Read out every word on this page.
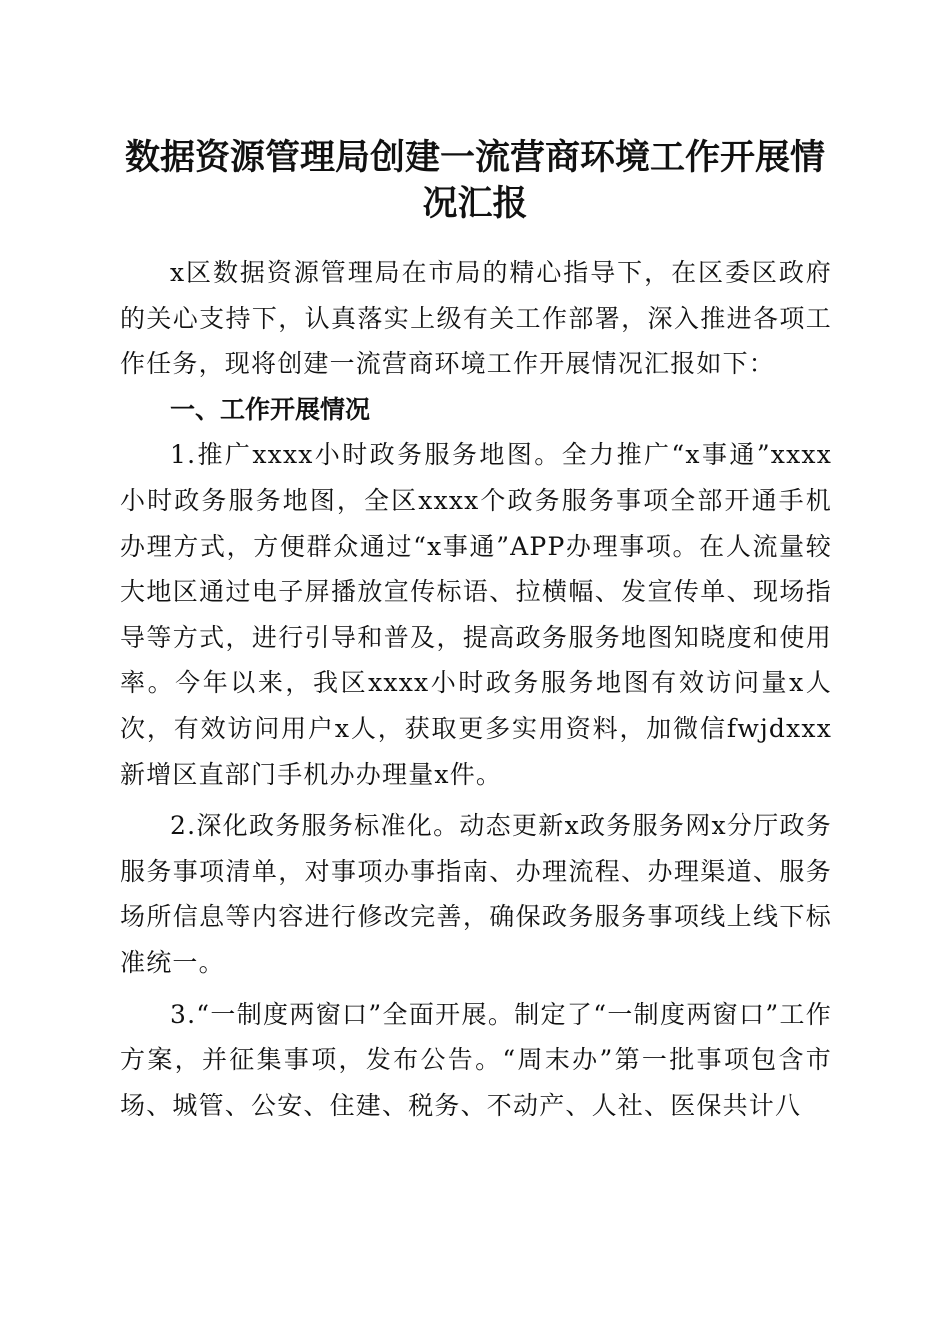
数据资源管理局创建一流营商环境工作开展情
况汇报

x区数据资源管理局在市局的精心指导下，在区委区政府的关心支持下，认真落实上级有关工作部署，深入推进各项工作任务，现将创建一流营商环境工作开展情况汇报如下：

一、工作开展情况

1.推广xxxx小时政务服务地图。全力推广“x事通”xxxx小时政务服务地图，全区xxxx个政务服务事项全部开通手机办理方式，方便群众通过“x事通”APP办理事项。在人流量较大地区通过电子屏播放宣传标语、拉横幅、发宣传单、现场指导等方式，进行引导和普及，提高政务服务地图知晓度和使用率。今年以来，我区xxxx小时政务服务地图有效访问量x人次，有效访问用户x人，获取更多实用资料，加微信fwjdxxx新增区直部门手机办办理量x件。

2.深化政务服务标准化。动态更新x政务服务网x分厅政务服务事项清单，对事项办事指南、办理流程、办理渠道、服务场所信息等内容进行修改完善，确保政务服务事项线上线下标准统一。

3.“一制度两窗口”全面开展。制定了“一制度两窗口”工作方案，并征集事项，发布公告。“周末办”第一批事项包含市场、城管、公安、住建、税务、不动产、人社、医保共计八
